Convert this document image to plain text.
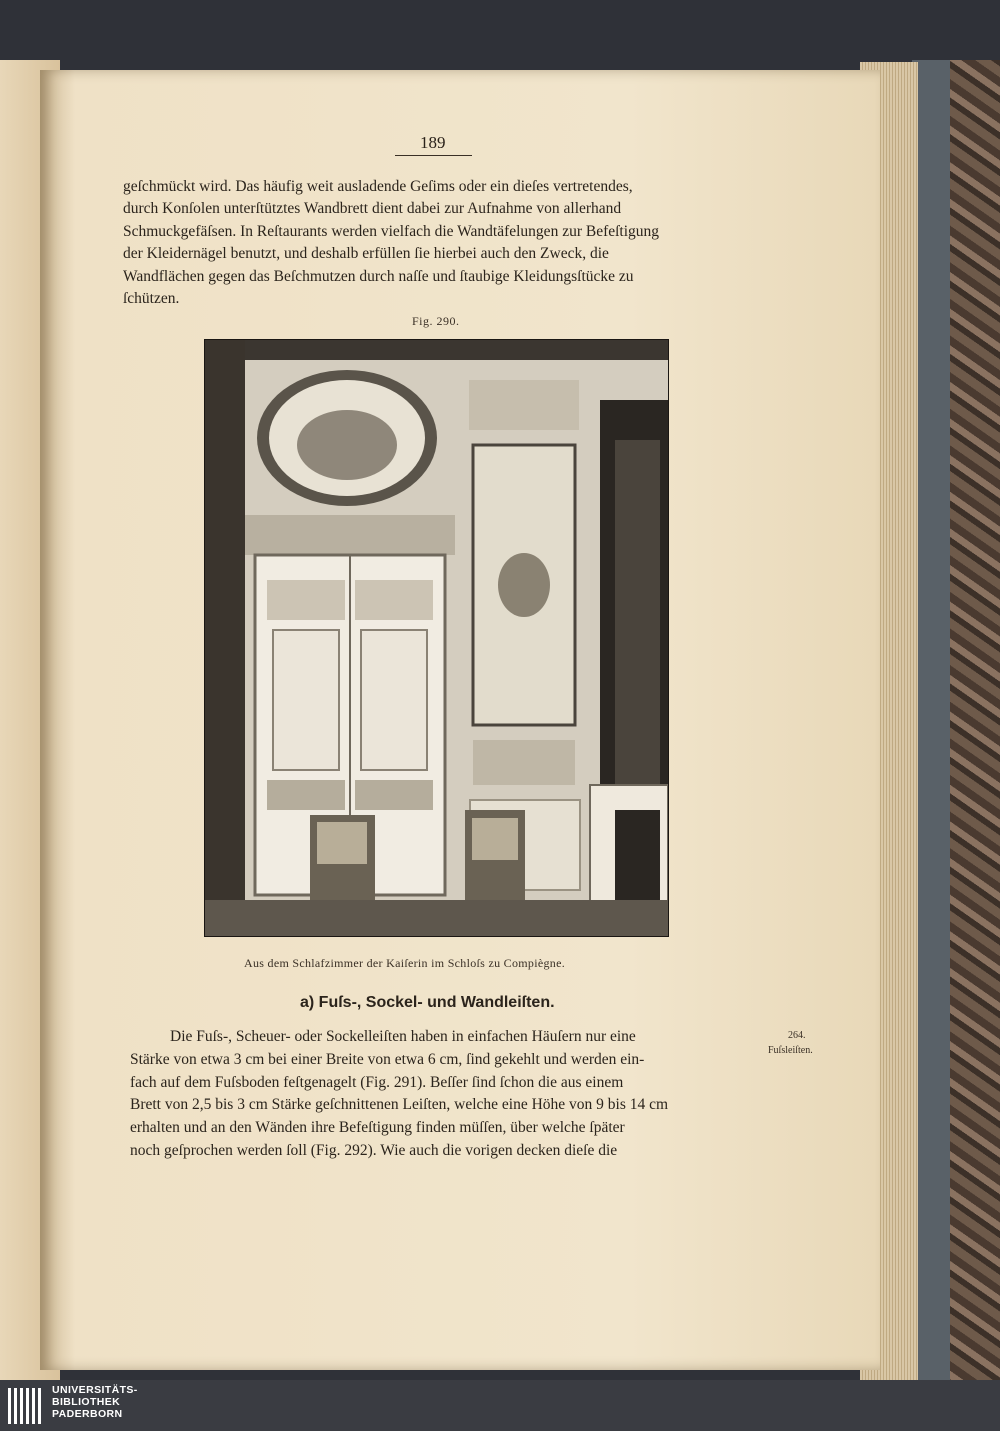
189
geſchmückt wird. Das häufig weit ausladende Geſims oder ein dieſes vertretendes,
durch Konſolen unterſtütztes Wandbrett dient dabei zur Aufnahme von allerhand
Schmuckgefäſsen. In Reſtaurants werden vielfach die Wandtäfelungen zur Befeſtigung
der Kleidernägel benutzt, und deshalb erfüllen ſie hierbei auch den Zweck, die
Wandflächen gegen das Beſchmutzen durch naſſe und ſtaubige Kleidungsſtücke zu
ſchützen.
Fig. 290.
Aus dem Schlafzimmer der Kaiſerin im Schloſs zu Compiègne.
a) Fuſs-, Sockel- und Wandleiſten.
Die Fuſs-, Scheuer- oder Sockelleiſten haben in einfachen Häuſern nur eine
Stärke von etwa 3 cm bei einer Breite von etwa 6 cm, ſind gekehlt und werden ein-
fach auf dem Fuſsboden feſtgenagelt (Fig. 291). Beſſer ſind ſchon die aus einem
Brett von 2,5 bis 3 cm Stärke geſchnittenen Leiſten, welche eine Höhe von 9 bis 14 cm
erhalten und an den Wänden ihre Befeſtigung finden müſſen, über welche ſpäter
noch geſprochen werden ſoll (Fig. 292). Wie auch die vorigen decken dieſe die
264.
Fuſsleiſten.
UNIVERSITÄTS-
BIBLIOTHEK
PADERBORN
